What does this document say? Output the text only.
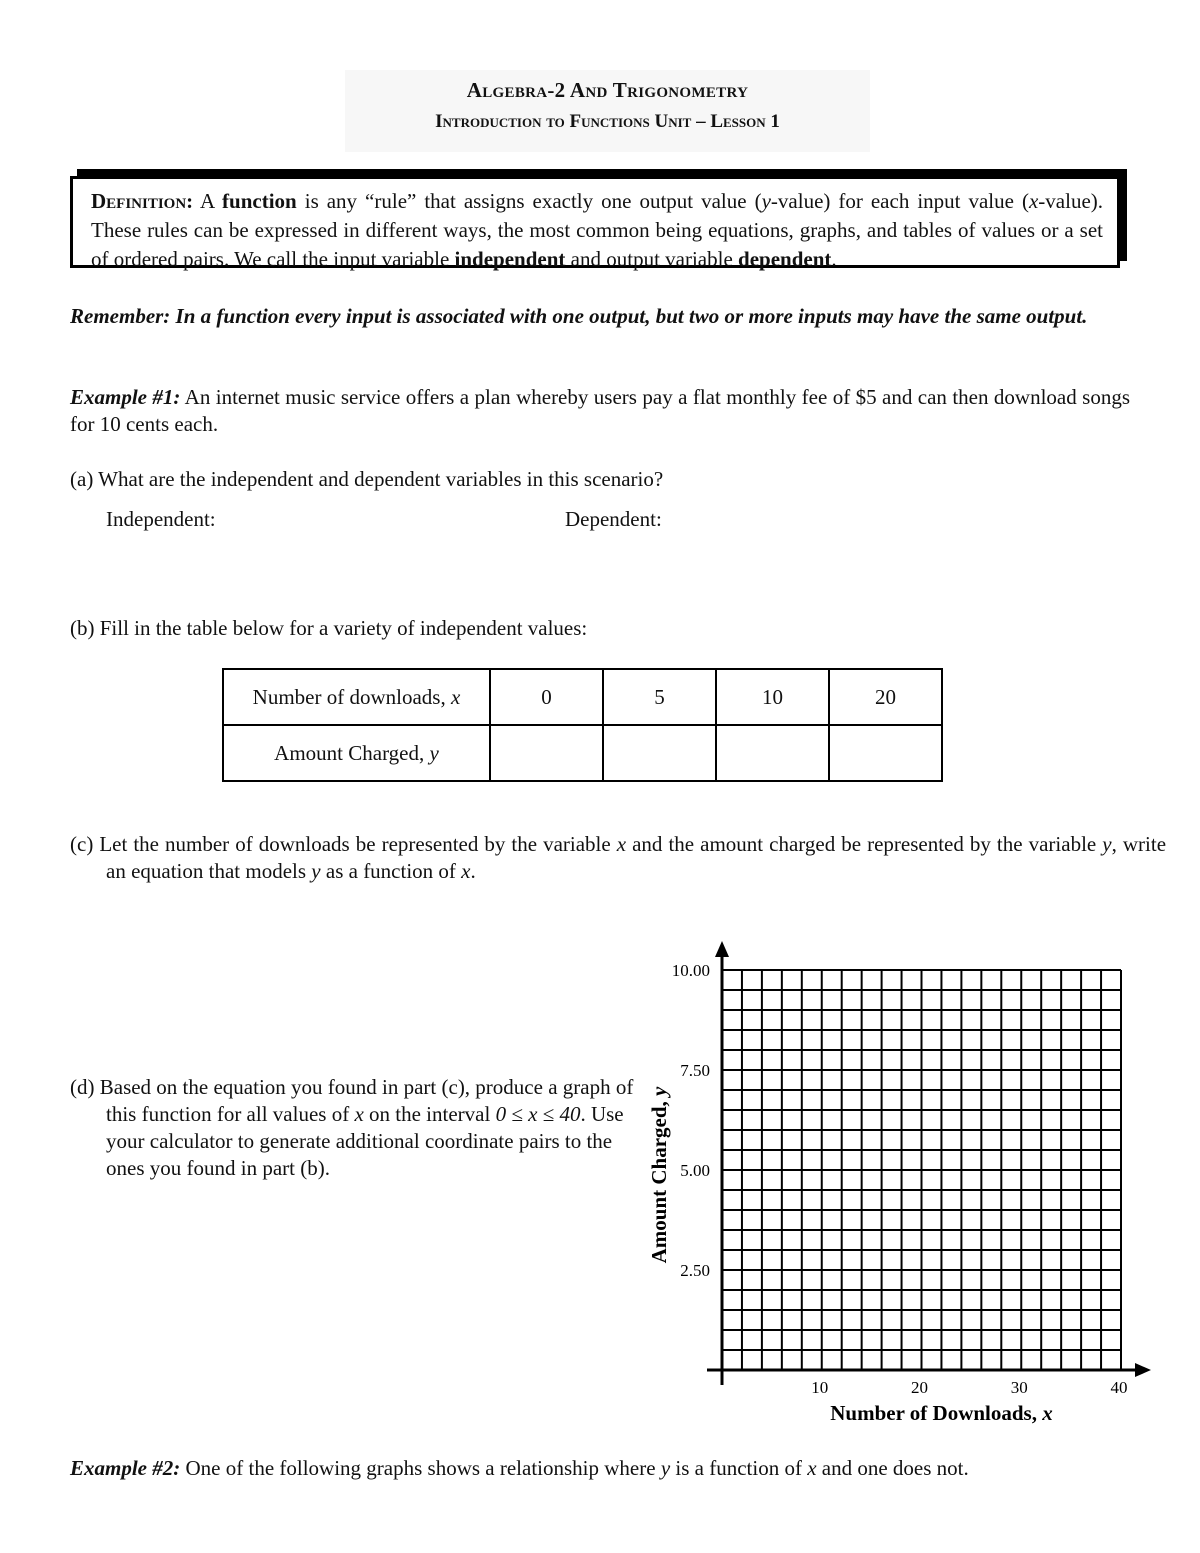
Algebra-2 And Trigonometry
Introduction to Functions Unit – Lesson 1
Definition: A function is any “rule” that assigns exactly one output value (y-value) for each input value (x-value). These rules can be expressed in different ways, the most common being equations, graphs, and tables of values or a set of ordered pairs. We call the input variable independent and output variable dependent.
Remember: In a function every input is associated with one output, but two or more inputs may have the same output.
Example #1: An internet music service offers a plan whereby users pay a flat monthly fee of $5 and can then download songs for 10 cents each.
(a) What are the independent and dependent variables in this scenario?
Independent:	Dependent:
(b) Fill in the table below for a variety of independent values:
Number of downloads, x	0	5	10	20
Amount Charged, y				
(c) Let the number of downloads be represented by the variable x and the amount charged be represented by the variable y, write an equation that models y as a function of x.
(d) Based on the equation you found in part (c), produce a graph of this function for all values of x on the interval 0 ≤ x ≤ 40. Use your calculator to generate additional coordinate pairs to the ones you found in part (b).
10	20	30	40
2.50
5.00
7.50
10.00
Number of Downloads, x
Amount Charged, y
Example #2: One of the following graphs shows a relationship where y is a function of x and one does not.
